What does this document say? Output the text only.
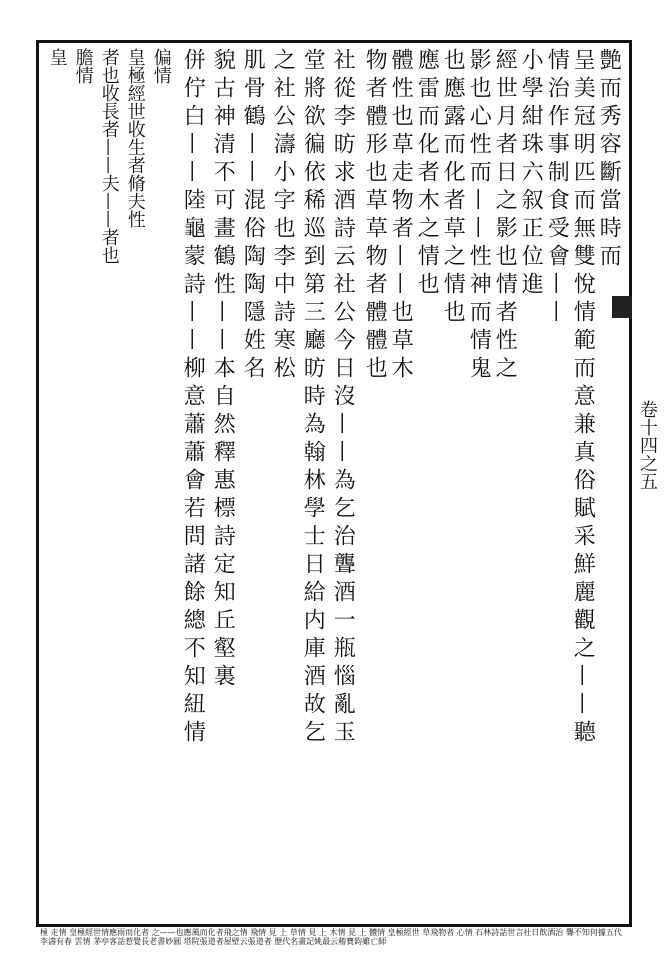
卷十四之五
艶而秀容斷當時而
呈美冠明匹而無雙悅情範而意兼真俗賦采鮮麗觀之——聽
情治作事制食受會——
小學紺珠六叙正位進
經世月者日之影也情者性之
影也心性而——性神而情鬼
也應露而化者草之情也
應雷而化者木之情也
體性也草走物者——也草木
物者體形也草草物者體體也
社從李昉求酒詩云社公今日沒——為乞治聾酒一瓶惱亂玉
堂將欲徧依稀巡到第三廳昉時為翰林學士日給内庫酒故乞
之社公濤小字也李中詩寒松
肌骨鶴——混俗陶陶隱姓名
貌古神清不可畫鶴性——本自然釋惠標詩定知丘壑裏
併佇白——陸龜蒙詩——柳意蕭蕭會若問諸餘總不知紐情
偏情
皇極經世收生者脩夫性
者也收長者——夫——者也
膽情
皇
極 走情 皇極經世情應雨而化者 之——也應風而化者飛之情 飛情 見 上 草情 見 上 木情 見 上 體情 皇極經世 草飛物者 心情 石林詩話世言社日飲酒治 聾不知何據五代李濤有春 雲情 茅亭客話惹覺長老書妙圓 塔院張道者屋壁云張道者 歷代名畫記姚最云稽寶鈞雖亡師
